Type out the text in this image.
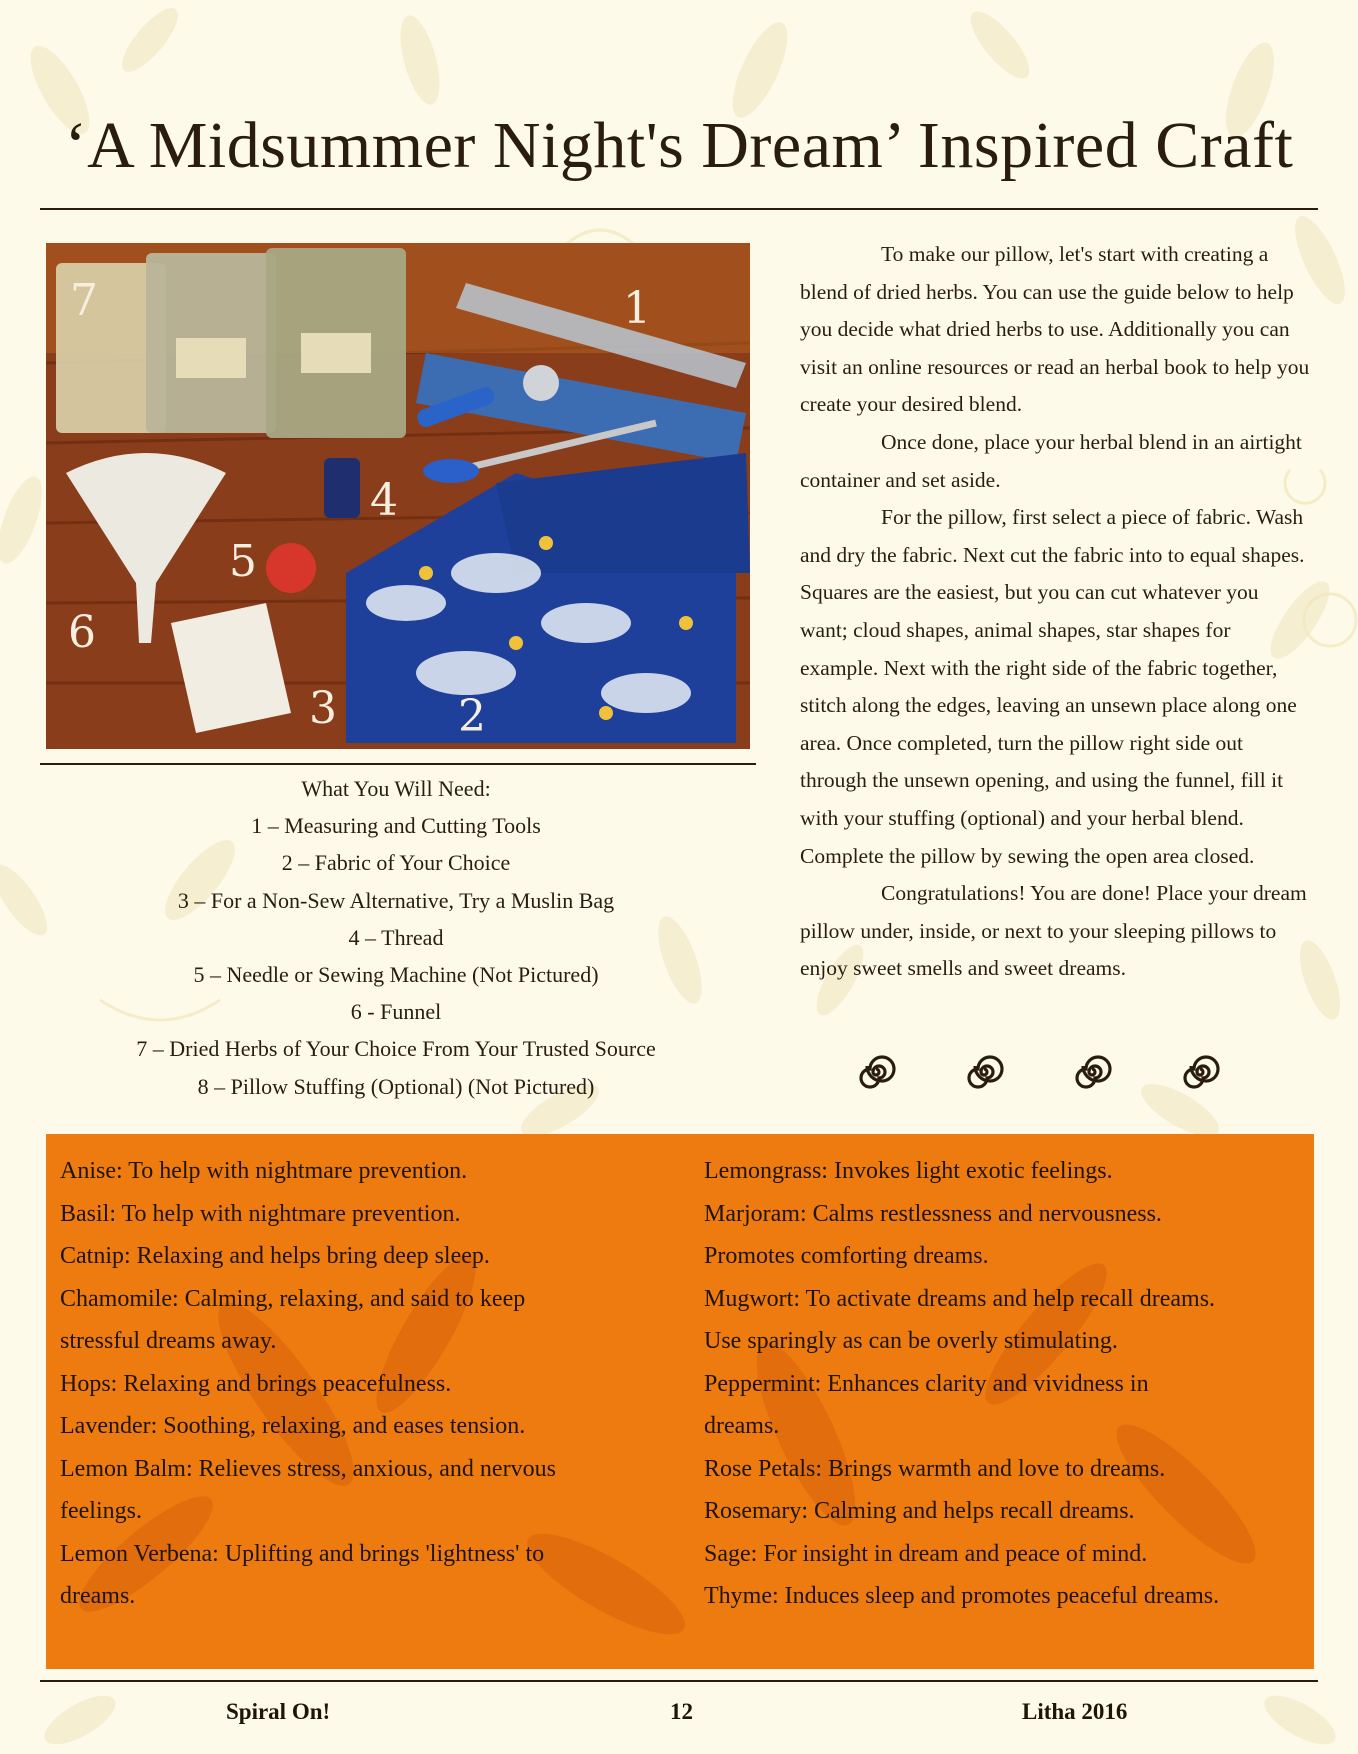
‘A Midsummer Night's Dream’ Inspired Craft
1
2
3
4
5
6
7
What You Will Need:
1 – Measuring and Cutting Tools
2 – Fabric of Your Choice
3 – For a Non-Sew Alternative, Try a Muslin Bag
4 – Thread
5 – Needle or Sewing Machine (Not Pictured)
6 - Funnel
7 – Dried Herbs of Your Choice From Your Trusted Source
8 – Pillow Stuffing (Optional) (Not Pictured)

To make our pillow, let's start with creating a blend of dried herbs. You can use the guide below to help you decide what dried herbs to use. Additionally you can visit an online resources or read an herbal book to help you create your desired blend.

Once done, place your herbal blend in an airtight container and set aside.

For the pillow, first select a piece of fabric. Wash and dry the fabric. Next cut the fabric into to equal shapes. Squares are the easiest, but you can cut whatever you want; cloud shapes, animal shapes, star shapes for example. Next with the right side of the fabric together, stitch along the edges, leaving an unsewn place along one area. Once completed, turn the pillow right side out through the unsewn opening, and using the funnel, fill it with your stuffing (optional) and your herbal blend. Complete the pillow by sewing the open area closed.

Congratulations! You are done! Place your dream pillow under, inside, or next to your sleeping pillows to enjoy sweet smells and sweet dreams.

Anise: To help with nightmare prevention.
Basil: To help with nightmare prevention.
Catnip: Relaxing and helps bring deep sleep.
Chamomile: Calming, relaxing, and said to keep
stressful dreams away.
Hops: Relaxing and brings peacefulness.
Lavender: Soothing, relaxing, and eases tension.
Lemon Balm: Relieves stress, anxious, and nervous
feelings.
Lemon Verbena: Uplifting and brings 'lightness' to
dreams.
Lemongrass: Invokes light exotic feelings.
Marjoram: Calms restlessness and nervousness.
Promotes comforting dreams.
Mugwort: To activate dreams and help recall dreams.
Use sparingly as can be overly stimulating.
Peppermint: Enhances clarity and vividness in
dreams.
Rose Petals: Brings warmth and love to dreams.
Rosemary: Calming and helps recall dreams.
Sage: For insight in dream and peace of mind.
Thyme: Induces sleep and promotes peaceful dreams.
Spiral On!	12	Litha 2016
